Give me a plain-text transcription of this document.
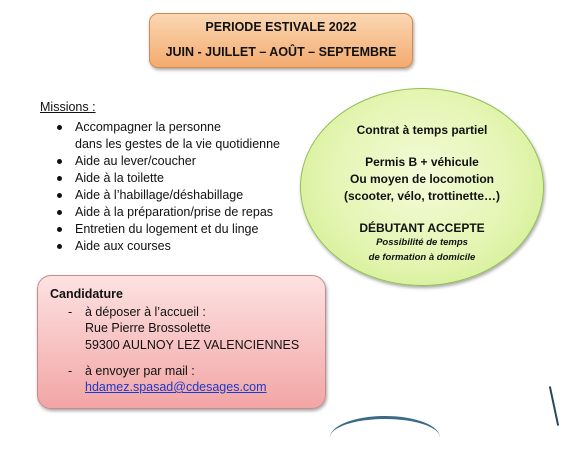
PERIODE ESTIVALE 2022
JUIN - JUILLET – AOÛT – SEPTEMBRE
Missions :
Accompagner la personne
dans les gestes de la vie quotidienne
Aide au lever/coucher
Aide à la toilette
Aide à l’habillage/déshabillage
Aide à la préparation/prise de repas
Entretien du logement et du linge
Aide aux courses
Contrat à temps partiel
Permis B + véhicule
Ou moyen de locomotion
(scooter, vélo, trottinette…)
DÉBUTANT ACCEPTE
Possibilité de temps
de formation à domicile
Candidature
- à déposer à l’accueil :
Rue Pierre Brossolette
59300 AULNOY LEZ VALENCIENNES
- à envoyer par mail :
hdamez.spasad@cdesages.com
